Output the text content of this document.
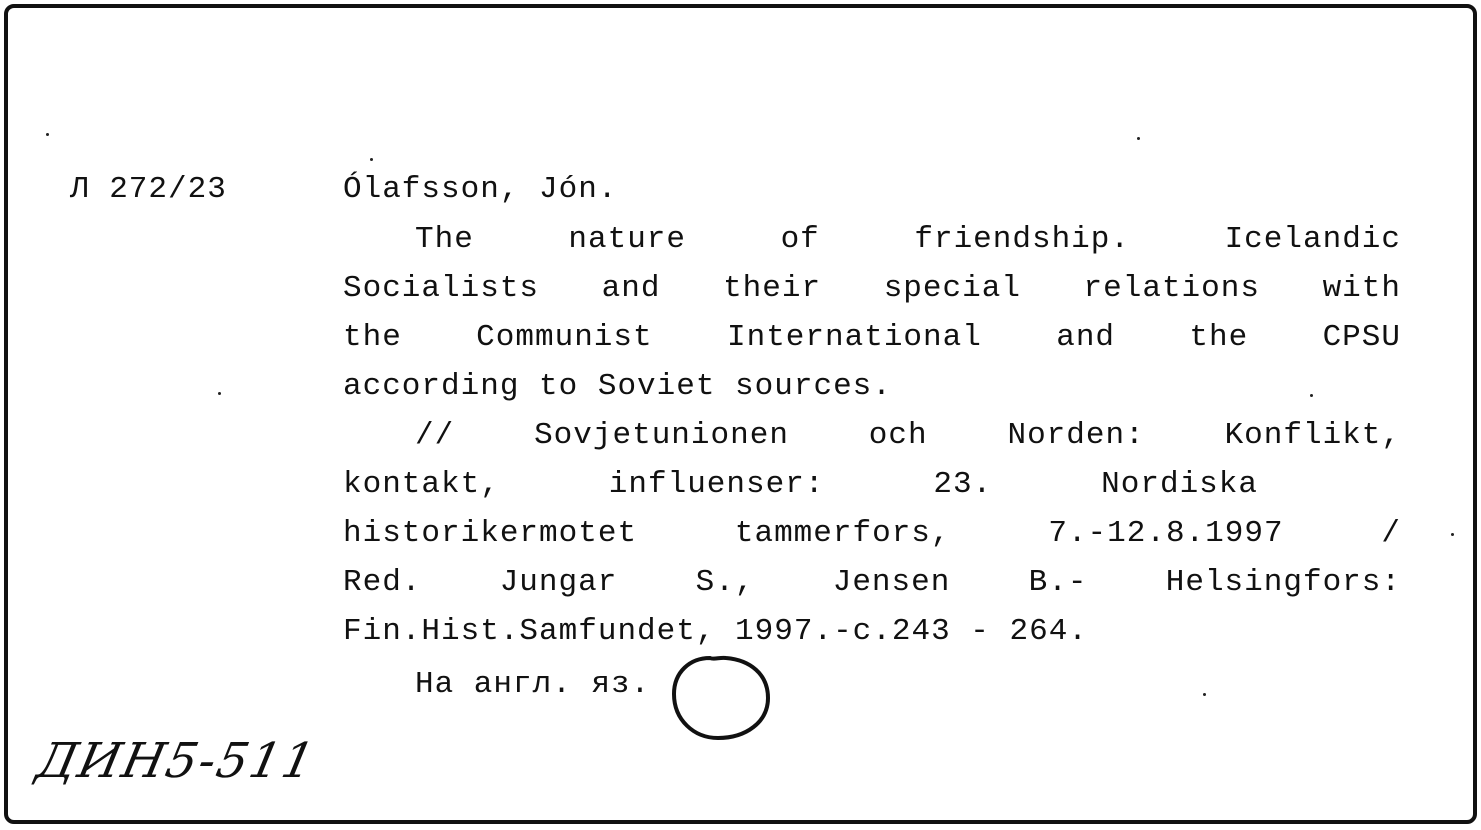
Л 272/23	Ólafsson, Jón.
The nature of friendship. Icelandic
Socialists and their special relations with
the Communist International and the CPSU
according to Soviet sources.
// Sovjetunionen och Norden: Konflikt,
kontakt, influenser: 23. Nordiska
historikermotet tammerfors, 7.-12.8.1997 /
Red. Jungar S., Jensen B.- Helsingfors:
Fin.Hist.Samfundet, 1997.-c.243 - 264.
На англ. яз.
ДИН5-511
